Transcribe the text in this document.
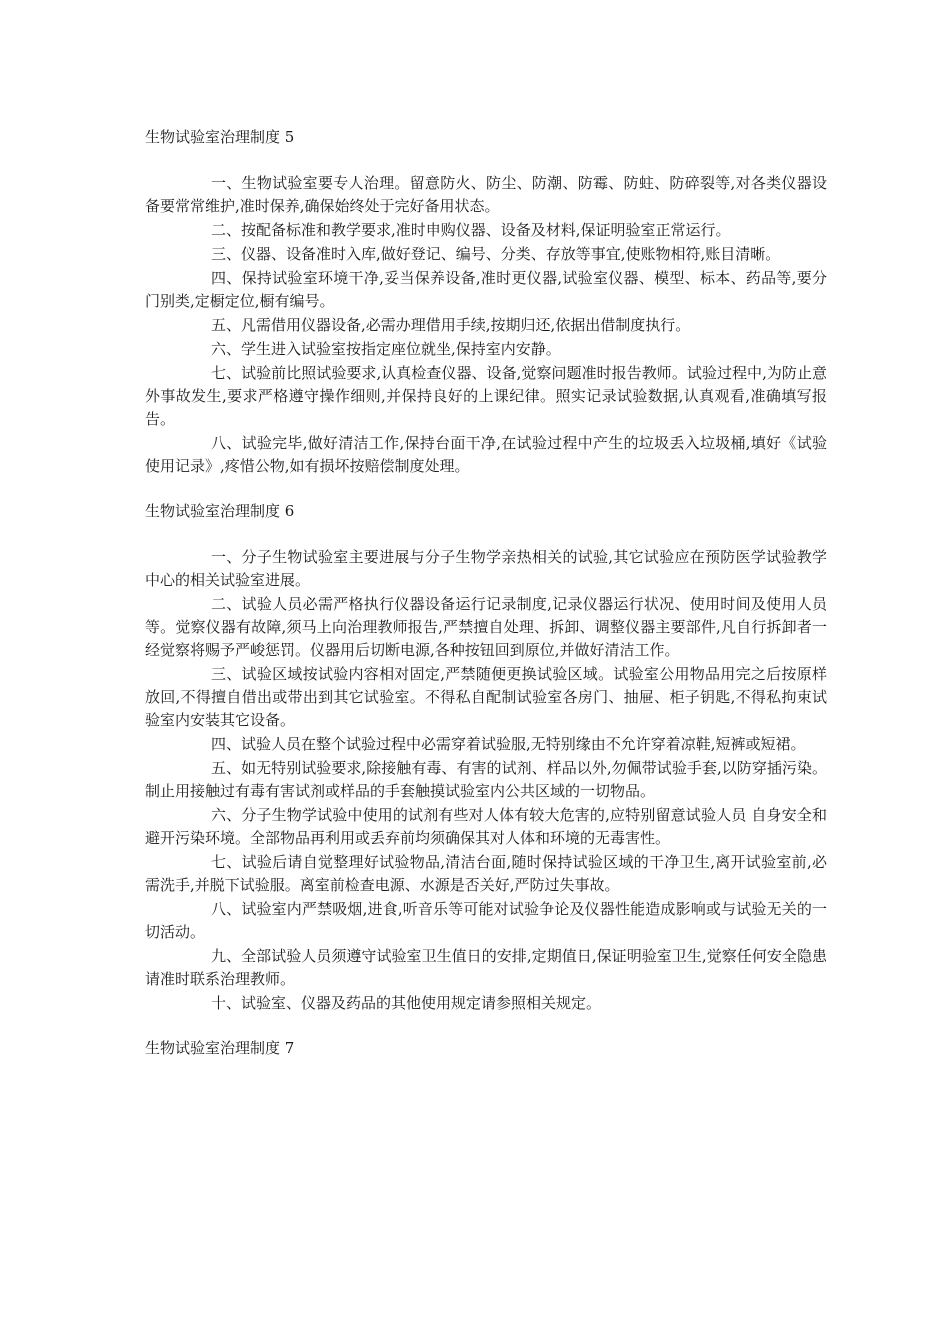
生物试验室治理制度 5

一、生物试验室要专人治理。留意防火、防尘、防潮、防霉、防蛀、防碎裂等,对各类仪器设备要常常维护,准时保养,确保始终处于完好备用状态。

二、按配备标准和教学要求,准时申购仪器、设备及材料,保证明验室正常运行。

三、仪器、设备准时入库,做好登记、编号、分类、存放等事宜,使账物相符,账目清晰。

四、保持试验室环境干净,妥当保养设备,准时更仪器,试验室仪器、模型、标本、药品等,要分门别类,定橱定位,橱有编号。

五、凡需借用仪器设备,必需办理借用手续,按期归还,依据出借制度执行。

六、学生进入试验室按指定座位就坐,保持室内安静。

七、试验前比照试验要求,认真检查仪器、设备,觉察问题准时报告教师。试验过程中,为防止意外事故发生,要求严格遵守操作细则,并保持良好的上课纪律。照实记录试验数据,认真观看,准确填写报告。

八、试验完毕,做好清洁工作,保持台面干净,在试验过程中产生的垃圾丢入垃圾桶,填好《试验使用记录》,疼惜公物,如有损坏按赔偿制度处理。

生物试验室治理制度 6

一、分子生物试验室主要进展与分子生物学亲热相关的试验,其它试验应在预防医学试验教学中心的相关试验室进展。

二、试验人员必需严格执行仪器设备运行记录制度,记录仪器运行状况、使用时间及使用人员等。觉察仪器有故障,须马上向治理教师报告,严禁擅自处理、拆卸、调整仪器主要部件,凡自行拆卸者一经觉察将赐予严峻惩罚。仪器用后切断电源,各种按钮回到原位,并做好清洁工作。

三、试验区域按试验内容相对固定,严禁随便更换试验区域。试验室公用物品用完之后按原样放回,不得擅自借出或带出到其它试验室。不得私自配制试验室各房门、抽屉、柜子钥匙,不得私拘束试验室内安装其它设备。

四、试验人员在整个试验过程中必需穿着试验服,无特别缘由不允许穿着凉鞋,短裤或短裙。

五、如无特别试验要求,除接触有毒、有害的试剂、样品以外,勿佩带试验手套,以防穿插污染。制止用接触过有毒有害试剂或样品的手套触摸试验室内公共区域的一切物品。

六、分子生物学试验中使用的试剂有些对人体有较大危害的,应特别留意试验人员 自身安全和避开污染环境。全部物品再利用或丢弃前均须确保其对人体和环境的无毒害性。

七、试验后请自觉整理好试验物品,清洁台面,随时保持试验区域的干净卫生,离开试验室前,必需洗手,并脱下试验服。离室前检查电源、水源是否关好,严防过失事故。

八、试验室内严禁吸烟,进食,听音乐等可能对试验争论及仪器性能造成影响或与试验无关的一切活动。

九、全部试验人员须遵守试验室卫生值日的安排,定期值日,保证明验室卫生,觉察任何安全隐患请准时联系治理教师。

十、试验室、仪器及药品的其他使用规定请参照相关规定。

生物试验室治理制度 7
